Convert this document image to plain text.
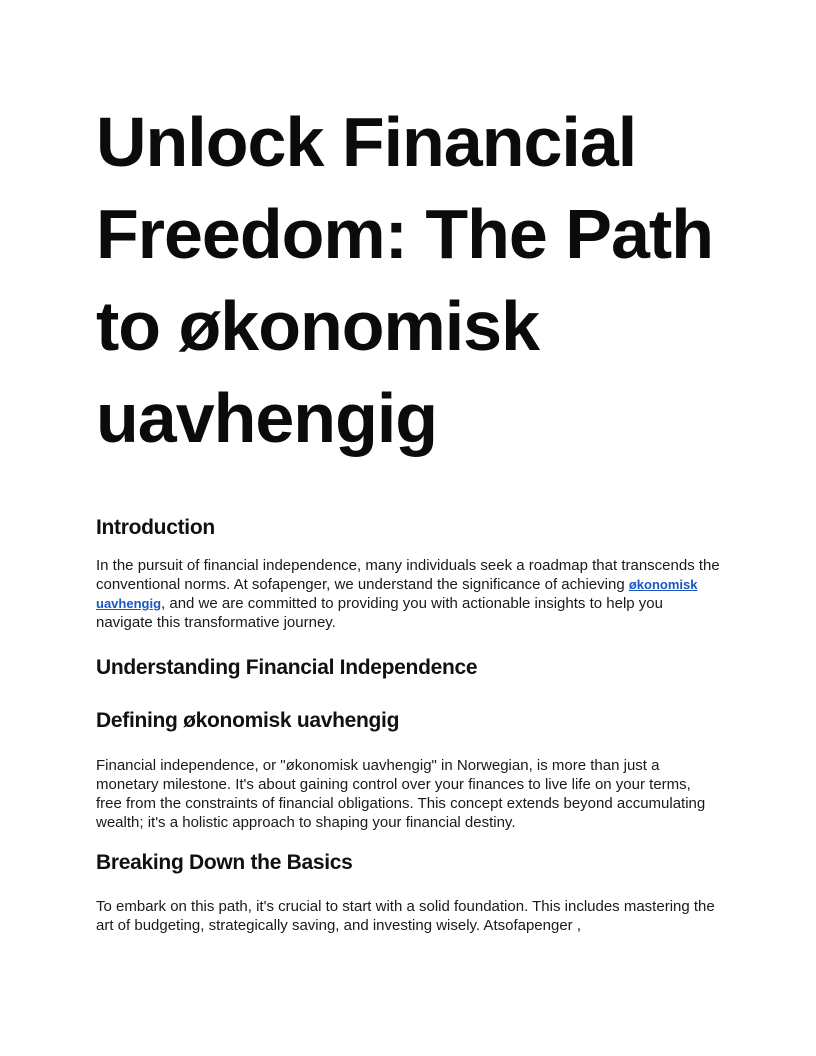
Unlock Financial Freedom: The Path to økonomisk uavhengig
Introduction

In the pursuit of financial independence, many individuals seek a roadmap that transcends the conventional norms. At sofapenger, we understand the significance of achieving økonomisk uavhengig, and we are committed to providing you with actionable insights to help you navigate this transformative journey.

Understanding Financial Independence
Defining økonomisk uavhengig

Financial independence, or "økonomisk uavhengig" in Norwegian, is more than just a monetary milestone. It's about gaining control over your finances to live life on your terms, free from the constraints of financial obligations. This concept extends beyond accumulating wealth; it's a holistic approach to shaping your financial destiny.

Breaking Down the Basics

To embark on this path, it's crucial to start with a solid foundation. This includes mastering the art of budgeting, strategically saving, and investing wisely. Atsofapenger ,
